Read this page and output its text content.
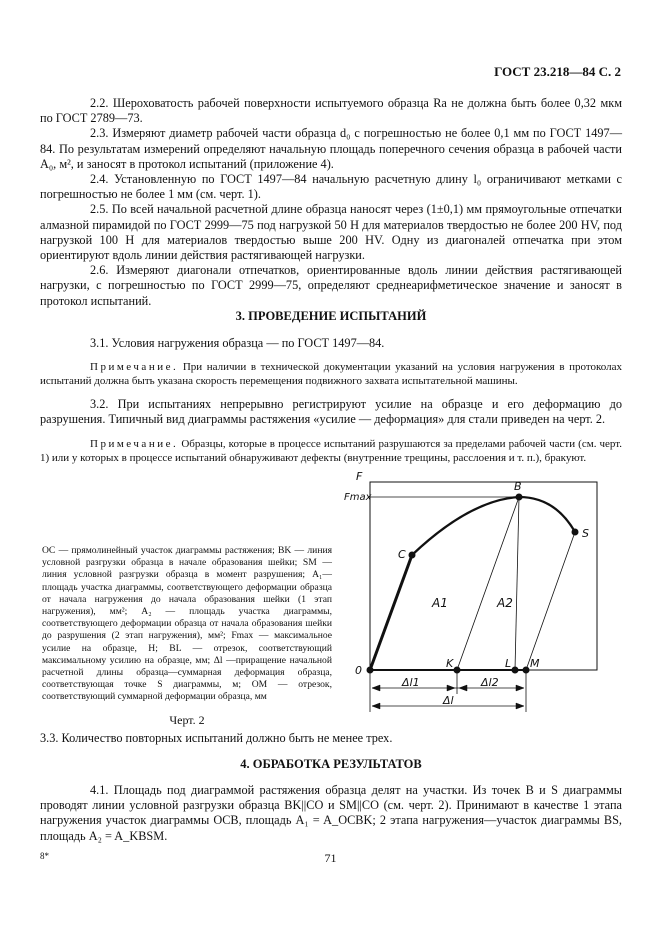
ГОСТ 23.218—84 С. 2

2.2. Шероховатость рабочей поверхности испытуемого образца Ra не должна быть более 0,32 мкм по ГОСТ 2789—73.

2.3. Измеряют диаметр рабочей части образца d₀ с погрешностью не более 0,1 мм по ГОСТ 1497—84. По результатам измерений определяют начальную площадь поперечного сечения образца в рабочей части A₀, м², и заносят в протокол испытаний (приложение 4).

2.4. Установленную по ГОСТ 1497—84 начальную расчетную длину l₀ ограничивают метками с погрешностью не более 1 мм (см. черт. 1).

2.5. По всей начальной расчетной длине образца наносят через (1±0,1) мм прямоугольные отпечатки алмазной пирамидой по ГОСТ 2999—75 под нагрузкой 50 Н для материалов твердостью не более 200 HV, под нагрузкой 100 Н для материалов твердостью выше 200 HV. Одну из диагоналей отпечатка при этом ориентируют вдоль линии действия растягивающей нагрузки.

2.6. Измеряют диагонали отпечатков, ориентированные вдоль линии действия растягивающей нагрузки, с погрешностью по ГОСТ 2999—75, определяют среднеарифметическое значение и заносят в протокол испытаний.

3. ПРОВЕДЕНИЕ ИСПЫТАНИЙ

3.1. Условия нагружения образца — по ГОСТ 1497—84.

Примечание. При наличии в технической документации указаний на условия нагружения в протоколах испытаний должна быть указана скорость перемещения подвижного захвата испытательной машины.

3.2. При испытаниях непрерывно регистрируют усилие на образце и его деформацию до разрушения. Типичный вид диаграммы растяжения «усилие — деформация» для стали приведен на черт. 2.

Примечание. Образцы, которые в процессе испытаний разрушаются за пределами рабочей части (см. черт. 1) или у которых в процессе испытаний обнаруживают дефекты (внутренние трещины, расслоения и т. п.), бракуют.

OC — прямолинейный участок диаграммы растяжения; BK — линия условной разгрузки образца в начале образования шейки; SM — линия условной разгрузки образца в момент разрушения; A₁— площадь участка диаграммы, соответствующего деформации образца от начала нагружения до начала образования шейки (1 этап нагружения), мм²; A₂ — площадь участка диаграммы, соответствующего деформации образца от начала образования шейки до разрушения (2 этап нагружения), мм²; Fmax — максимальное усилие на образце, Н; BL — отрезок, соответствующий максимальному усилию на образце, мм; Δl —приращение начальной расчетной длины образца—суммарная деформация образца, соответствующая точке S диаграммы, м; OM — отрезок, соответствующий суммарной деформации образца, мм
Черт. 2
F
Fmax
B
C
S
0
K	L M
A1	A2
Δl1	Δl2
Δl
3.3. Количество повторных испытаний должно быть не менее трех.
4. ОБРАБОТКА РЕЗУЛЬТАТОВ

4.1. Площадь под диаграммой растяжения образца делят на участки. Из точек B и S диаграммы проводят линии условной разгрузки образца BK||CO и SM||CO (см. черт. 2). Принимают в качестве 1 этапа нагружения участок диаграммы OCB, площадь A₁ = A_OCBK; 2 этапа нагружения—участок диаграммы BS, площадь A₂ = A_KBSM.

8*	71
